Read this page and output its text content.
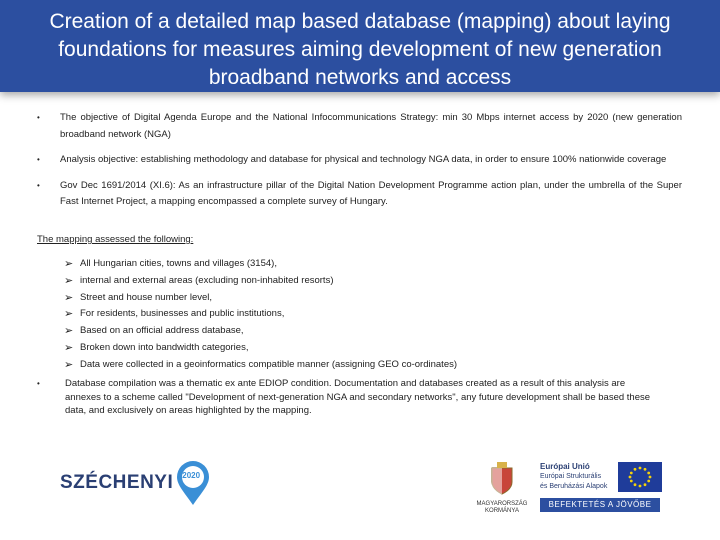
Creation of a detailed map based database (mapping) about laying foundations for measures aiming development of new generation broadband networks and access
•	The objective of Digital Agenda Europe and the National Infocommunications Strategy: min 30 Mbps internet access by 2020 (new generation broadband network (NGA)
•	Analysis objective: establishing methodology and database for physical and technology NGA data, in order to ensure 100% nationwide coverage
•	Gov Dec 1691/2014 (XI.6): As an infrastructure pillar of the Digital Nation Development Programme action plan, under the umbrella of the Super Fast Internet Project, a mapping encompassed a complete survey of Hungary.
The mapping assessed the following:
➢ All Hungarian cities, towns and villages (3154),
➢ internal and external areas (excluding non-inhabited resorts)
➢ Street and house number level,
➢ For residents, businesses and public institutions,
➢ Based on an official address database,
➢ Broken down into bandwidth categories,
➢ Data were collected in a geoinformatics compatible manner (assigning GEO co-ordinates)
•	Database compilation was a thematic ex ante EDIOP condition. Documentation and databases created as a result of this analysis are annexes to a scheme called "Development of next-generation NGA and secondary networks", any future development shall be based these data, and exclusively on areas highlighted by the mapping.
SZÉCHENYI 2020
MAGYARORSZÁG
KORMÁNYA
Európai Unió
Európai Strukturális
és Beruházási Alapok
BEFEKTETÉS A JÖVŐBE
